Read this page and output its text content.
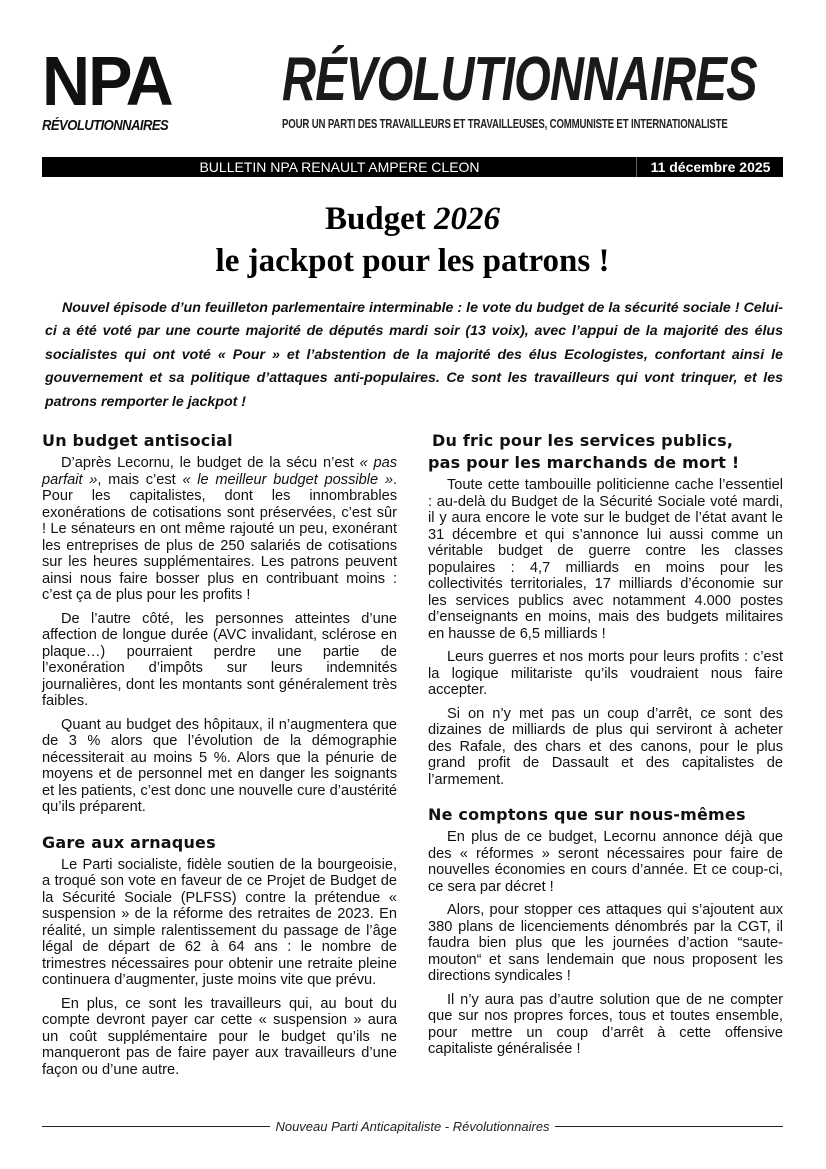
NPA
RÉVOLUTIONNAIRES
RÉVOLUTIONNAIRES
POUR UN PARTI DES TRAVAILLEURS ET TRAVAILLEUSES, COMMUNISTE ET INTERNATIONALISTE
BULLETIN NPA RENAULT AMPERE CLEON	11 décembre 2025
Budget 2026
le jackpot pour les patrons !

Nouvel épisode d’un feuilleton parlementaire interminable : le vote du budget de la sécurité sociale ! Celui-ci a été voté par une courte majorité de députés mardi soir (13 voix), avec l’appui de la majorité des élus socialistes qui ont voté « Pour » et l’abstention de la majorité des élus Ecologistes, confortant ainsi le gouvernement et sa politique d’attaques anti-populaires. Ce sont les travailleurs qui vont trinquer, et les patrons remporter le jackpot !

Un budget antisocial

D’après Lecornu, le budget de la sécu n’est « pas parfait », mais c’est « le meilleur budget possible ». Pour les capitalistes, dont les innombrables exonérations de cotisations sont préservées, c’est sûr ! Le sénateurs en ont même rajouté un peu, exonérant les entreprises de plus de 250 salariés de cotisations sur les heures supplémentaires. Les patrons peuvent ainsi nous faire bosser plus en contribuant moins : c’est ça de plus pour les profits !

De l’autre côté, les personnes atteintes d’une affection de longue durée (AVC invalidant, sclérose en plaque…) pourraient perdre une partie de l’exonération d’impôts sur leurs indemnités journalières, dont les montants sont généralement très faibles.

Quant au budget des hôpitaux, il n’augmentera que de 3 % alors que l’évolution de la démographie nécessiterait au moins 5 %. Alors que la pénurie de moyens et de personnel met en danger les soignants et les patients, c’est donc une nouvelle cure d’austérité qu’ils préparent.

Gare aux arnaques

Le Parti socialiste, fidèle soutien de la bourgeoisie, a troqué son vote en faveur de ce Projet de Budget de la Sécurité Sociale (PLFSS) contre la prétendue « suspension » de la réforme des retraites de 2023. En réalité, un simple ralentissement du passage de l’âge légal de départ de 62 à 64 ans : le nombre de trimestres nécessaires pour obtenir une retraite pleine continuera d’augmenter, juste moins vite que prévu.

En plus, ce sont les travailleurs qui, au bout du compte devront payer car cette « suspension » aura un coût supplémentaire pour le budget qu’ils ne manqueront pas de faire payer aux travailleurs d’une façon ou d’une autre.

Du fric pour les services publics,
pas pour les marchands de mort !

Toute cette tambouille politicienne cache l’essentiel : au-delà du Budget de la Sécurité Sociale voté mardi, il y aura encore le vote sur le budget de l’état avant le 31 décembre et qui s’annonce lui aussi comme un véritable budget de guerre contre les classes populaires : 4,7 milliards en moins pour les collectivités territoriales, 17 milliards d’économie sur les services publics avec notamment 4.000 postes d’enseignants en moins, mais des budgets militaires en hausse de 6,5 milliards !

Leurs guerres et nos morts pour leurs profits : c’est la logique militariste qu’ils voudraient nous faire accepter.

Si on n’y met pas un coup d’arrêt, ce sont des dizaines de milliards de plus qui serviront à acheter des Rafale, des chars et des canons, pour le plus grand profit de Dassault et des capitalistes de l’armement.

Ne comptons que sur nous-mêmes

En plus de ce budget, Lecornu annonce déjà que des « réformes » seront nécessaires pour faire de nouvelles économies en cours d’année. Et ce coup-ci, ce sera par décret !

Alors, pour stopper ces attaques qui s’ajoutent aux 380 plans de licenciements dénombrés par la CGT, il faudra bien plus que les journées d’action “saute-mouton“ et sans lendemain que nous proposent les directions syndicales !

Il n’y aura pas d’autre solution que de ne compter que sur nos propres forces, tous et toutes ensemble, pour mettre un coup d’arrêt à cette offensive capitaliste généralisée !

Nouveau Parti Anticapitaliste - Révolutionnaires
